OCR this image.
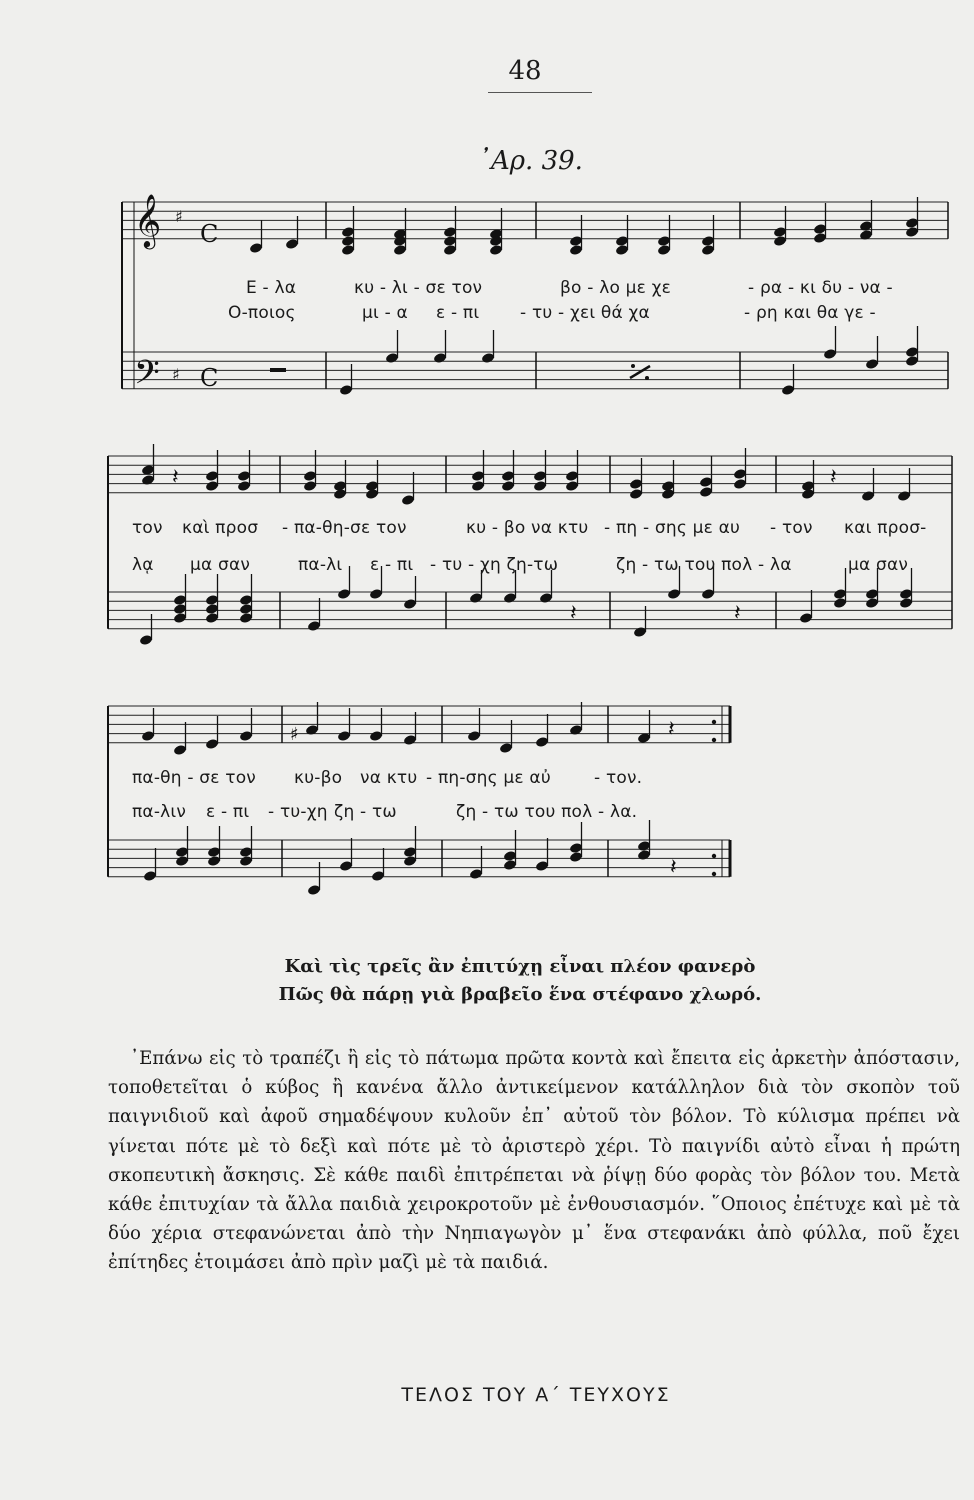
48
᾿Αρ. 39.
𝄞 ♯
C
𝄢 ♯ C
𝄽	𝄽
𝄽	𝄽
♯	𝄽
𝄽
Ε - λα	κυ - λι - σε τον	βο - λο με χε	- ρα - κι δυ - να -
Ο-ποιος	μι - α ε - πι - τυ - χει θά χα	- ρη και θα γε -
τον καὶ προσ - πα-θη-σε τον	κυ - βο να κτυ - πη - σης με αυ - τον και προσ-
λᾳ μα σαν	πα-λι ε - πι - τυ - χη ζη-τω	ζη - τω του πολ - λα	μα σαν
πα-θη - σε τον κυ-βο να κτυ - πη-σης με αὐ	- τον.
πα-λιν ε - πι - τυ-χη ζη - τω	ζη - τω του πολ - λα.
Καὶ τὶς τρεῖς ἂν ἐπιτύχῃ εἶναι πλέον φανερὸ
Πῶς θὰ πάρῃ γιὰ βραβεῖο ἕνα στέφανο χλωρό.
᾿Επάνω εἰς τὸ τραπέζι ἢ εἰς τὸ πάτωμα πρῶτα κοντὰ καὶ ἔπειτα εἰς ἀρκετὴν ἀπόστασιν, τοποθετεῖται ὁ κύβος ἢ κανένα ἄλλο ἀντικείμενον κατάλληλον διὰ τὸν σκοπὸν τοῦ παιγνιδιοῦ καὶ ἀφοῦ σημαδέψουν κυλοῦν ἐπ᾿ αὐτοῦ τὸν βόλον. Τὸ κύλισμα πρέπει νὰ γίνεται πότε μὲ τὸ δεξὶ καὶ πότε μὲ τὸ ἀριστερὸ χέρι. Τὸ παιγνίδι αὐτὸ εἶναι ἡ πρώτη σκοπευτικὴ ἄσκησις. Σὲ κάθε παιδὶ ἐπιτρέπεται νὰ ῥίψῃ δύο φορὰς τὸν βόλον του. Μετὰ κάθε ἐπιτυχίαν τὰ ἄλλα παιδιὰ χειροκροτοῦν μὲ ἐνθουσιασμόν. ῞Οποιος ἐπέτυχε καὶ μὲ τὰ δύο χέρια στεφανώνεται ἀπὸ τὴν Νηπιαγωγὸν μ᾿ ἕνα στεφανάκι ἀπὸ φύλλα, ποῦ ἔχει ἐπίτηδες ἑτοιμάσει ἀπὸ πρὶν μαζὶ μὲ τὰ παιδιά.
ΤΕΛΟΣ ΤΟΥ Α΄ ΤΕΥΧΟΥΣ
